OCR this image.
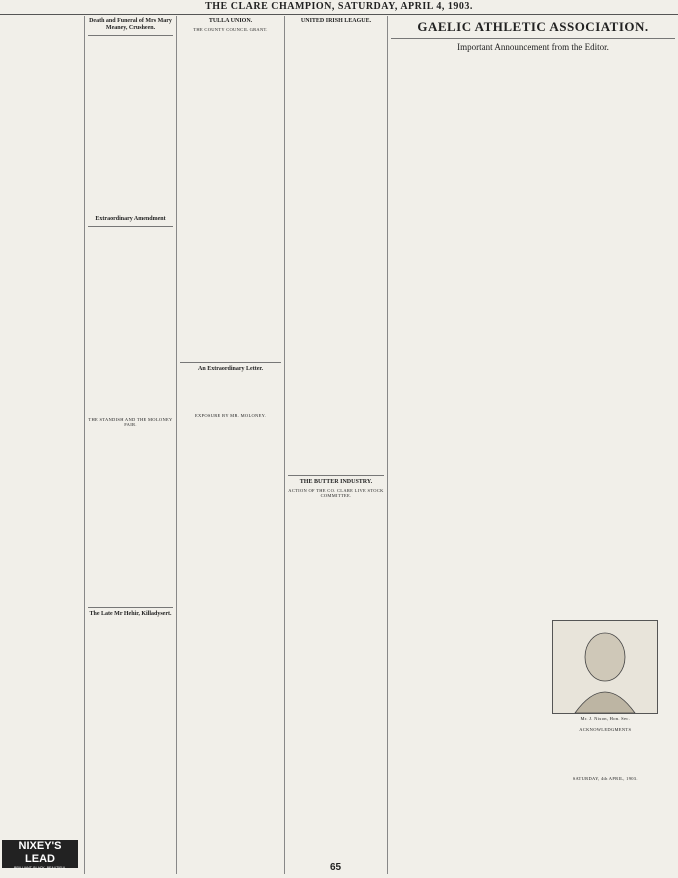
THE CLARE CHAMPION, SATURDAY, APRIL 4, 1903.

NIXEY'S
LEAD
BRILLIANT, BLACK, BEAUTIFUL
Death and Funeral of Mrs Mary Meaney, Crusheen.
Extraordinary Amendment
THE STANDISH AND THE MOLONEY FAIR.
The Late Mr Hehir, Killadysert.
TULLA UNION.
THE COUNTY COUNCIL GRANT.
An Extraordinary Letter.
EXPOSURE BY MR. MOLONEY.
UNITED IRISH LEAGUE.
THE BUTTER INDUSTRY.
ACTION OF THE CO. CLARE LIVE STOCK COMMITTEE.
GAELIC ATHLETIC ASSOCIATION.
Important Announcement from the Editor.
Mr. J. Nixon, Hon. Sec.
ACKNOWLEDGMENTS
SATURDAY, 4th APRIL, 1903.
65
